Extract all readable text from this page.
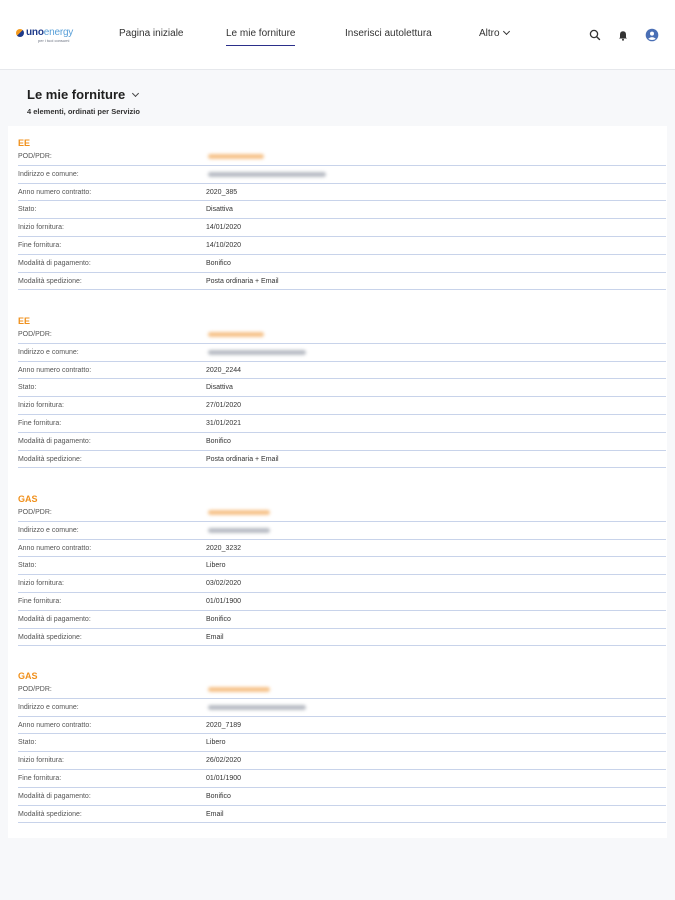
unoenergy
per i tuoi consumi
Pagina iniziale	Le mie forniture	Inserisci autolettura	Altro
Le mie forniture
4 elementi, ordinati per Servizio
EE
POD/PDR:
Indirizzo e comune:
Anno numero contratto:	2020_385
Stato:	Disattiva
Inizio fornitura:	14/01/2020
Fine fornitura:	14/10/2020
Modalità di pagamento:	Bonifico
Modalità spedizione:	Posta ordinaria + Email
EE
POD/PDR:
Indirizzo e comune:
Anno numero contratto:	2020_2244
Stato:	Disattiva
Inizio fornitura:	27/01/2020
Fine fornitura:	31/01/2021
Modalità di pagamento:	Bonifico
Modalità spedizione:	Posta ordinaria + Email
GAS
POD/PDR:
Indirizzo e comune:
Anno numero contratto:	2020_3232
Stato:	Libero
Inizio fornitura:	03/02/2020
Fine fornitura:	01/01/1900
Modalità di pagamento:	Bonifico
Modalità spedizione:	Email
GAS
POD/PDR:
Indirizzo e comune:
Anno numero contratto:	2020_7189
Stato:	Libero
Inizio fornitura:	26/02/2020
Fine fornitura:	01/01/1900
Modalità di pagamento:	Bonifico
Modalità spedizione:	Email
